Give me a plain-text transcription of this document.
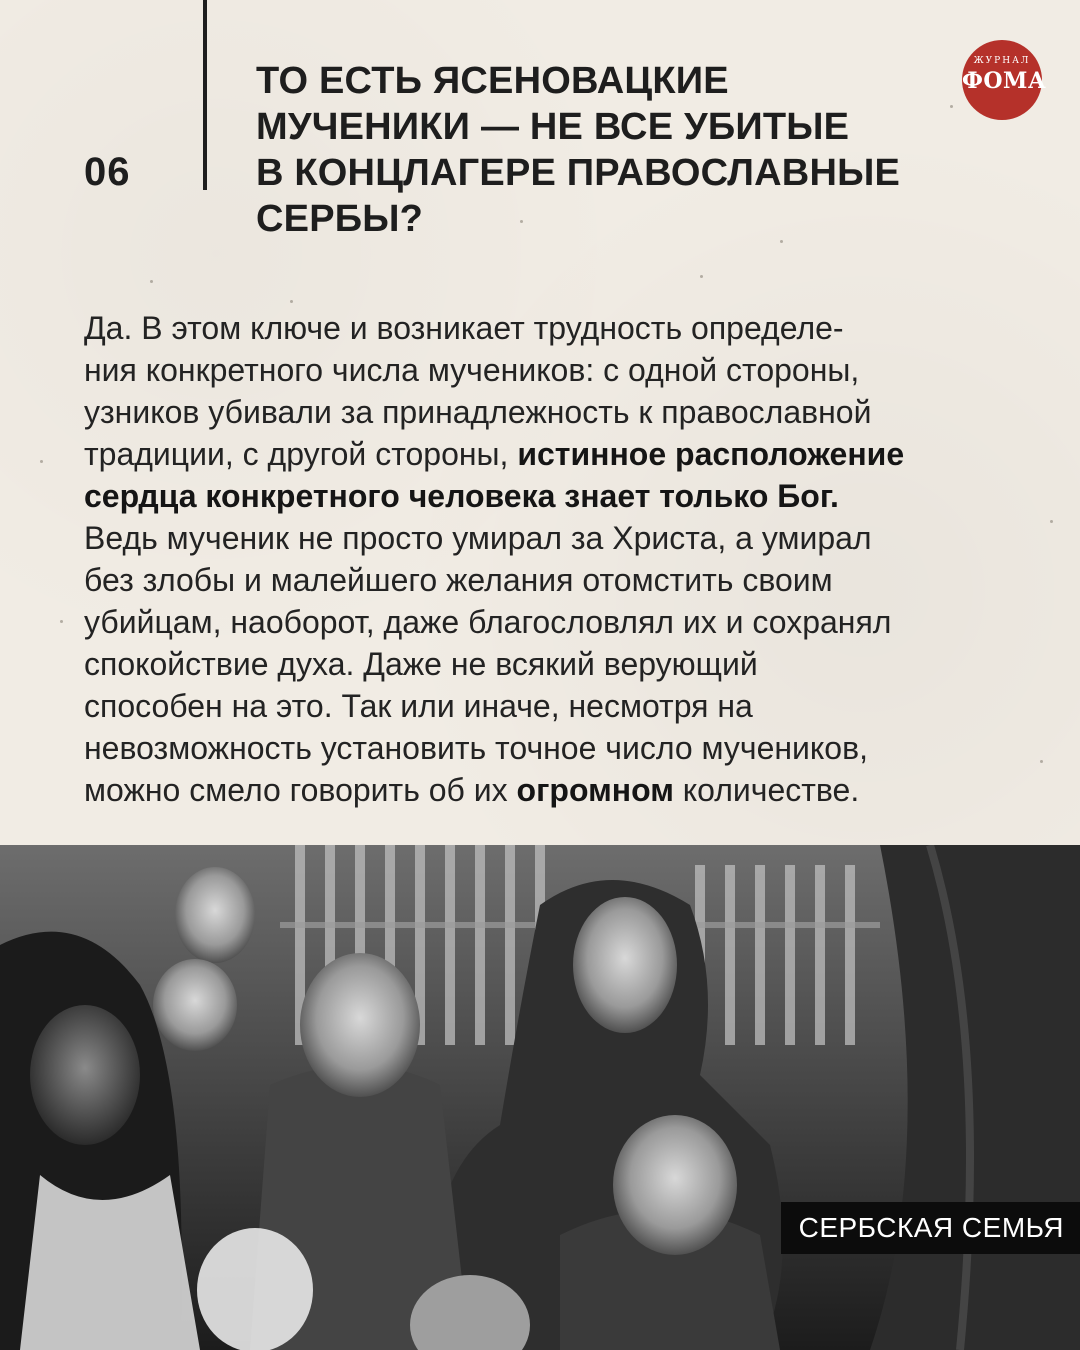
06
ТО ЕСТЬ ЯСЕНОВАЦКИЕ
МУЧЕНИКИ — НЕ ВСЕ УБИТЫЕ
В КОНЦЛАГЕРЕ ПРАВОСЛАВНЫЕ
СЕРБЫ?
ЖУРНАЛ
ФОМА
Да. В этом ключе и возникает трудность определе-
ния конкретного числа мучеников: с одной стороны,
узников убивали за принадлежность к православной
традиции, с другой стороны, истинное расположение
сердца конкретного человека знает только Бог.
Ведь мученик не просто умирал за Христа, а умирал
без злобы и малейшего желания отомстить своим
убийцам, наоборот, даже благословлял их и сохранял
спокойствие духа. Даже не всякий верующий
способен на это. Так или иначе, несмотря на
невозможность установить точное число мучеников,
можно смело говорить об их огромном количестве.
СЕРБСКАЯ СЕМЬЯ
